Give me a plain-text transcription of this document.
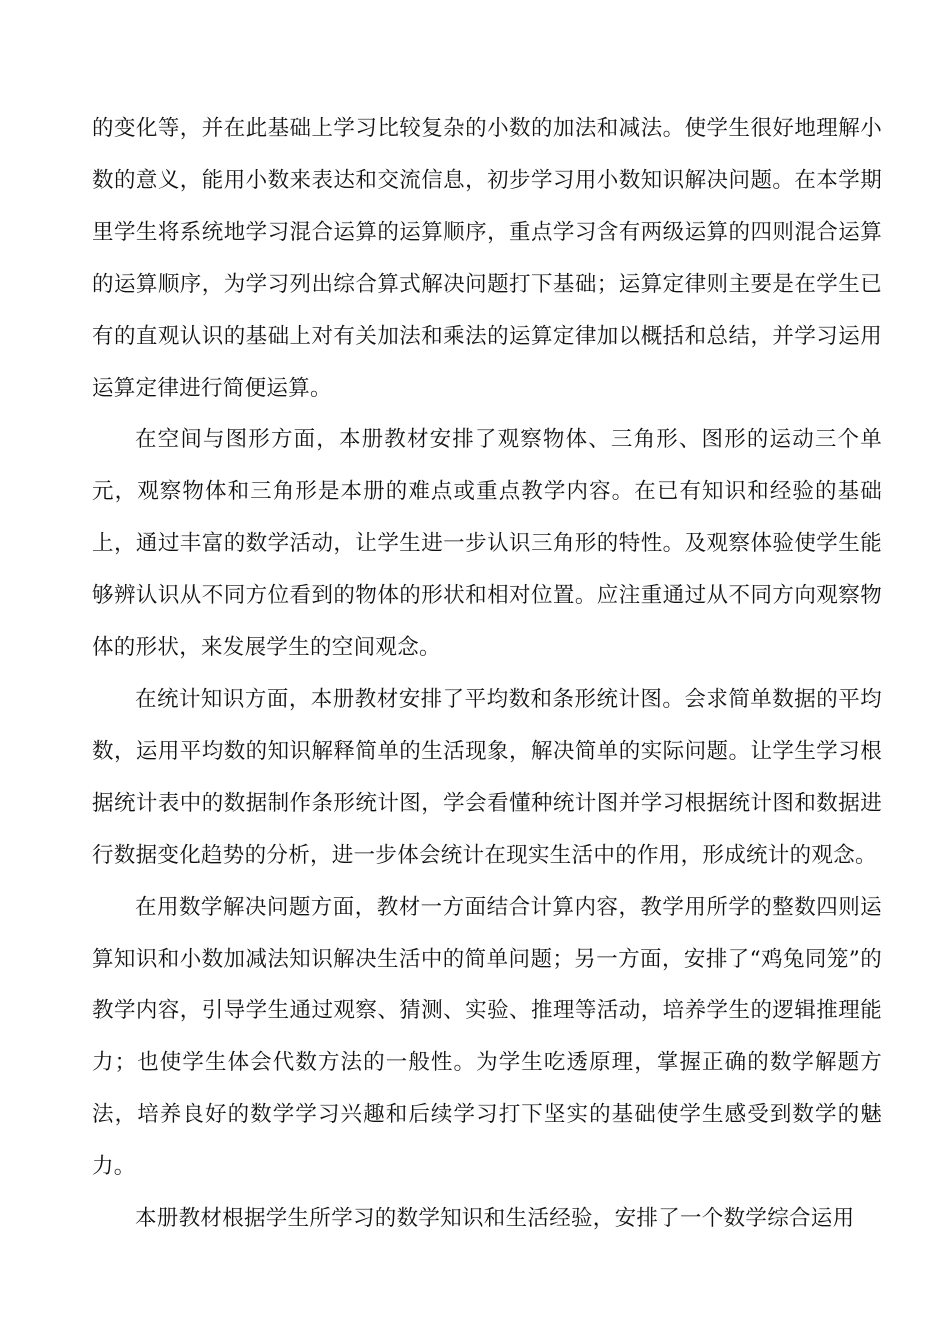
的变化等，并在此基础上学习比较复杂的小数的加法和减法。使学生很好地理解小数的意义，能用小数来表达和交流信息，初步学习用小数知识解决问题。在本学期里学生将系统地学习混合运算的运算顺序，重点学习含有两级运算的四则混合运算的运算顺序，为学习列出综合算式解决问题打下基础；运算定律则主要是在学生已有的直观认识的基础上对有关加法和乘法的运算定律加以概括和总结，并学习运用运算定律进行简便运算。

在空间与图形方面，本册教材安排了观察物体、三角形、图形的运动三个单元，观察物体和三角形是本册的难点或重点教学内容。在已有知识和经验的基础上，通过丰富的数学活动，让学生进一步认识三角形的特性。及观察体验使学生能够辨认识从不同方位看到的物体的形状和相对位置。应注重通过从不同方向观察物体的形状，来发展学生的空间观念。

在统计知识方面，本册教材安排了平均数和条形统计图。会求简单数据的平均数，运用平均数的知识解释简单的生活现象，解决简单的实际问题。让学生学习根据统计表中的数据制作条形统计图，学会看懂种统计图并学习根据统计图和数据进行数据变化趋势的分析，进一步体会统计在现实生活中的作用，形成统计的观念。

在用数学解决问题方面，教材一方面结合计算内容，教学用所学的整数四则运算知识和小数加减法知识解决生活中的简单问题；另一方面，安排了“鸡兔同笼”的教学内容，引导学生通过观察、猜测、实验、推理等活动，培养学生的逻辑推理能力；也使学生体会代数方法的一般性。为学生吃透原理，掌握正确的数学解题方法，培养良好的数学学习兴趣和后续学习打下坚实的基础使学生感受到数学的魅力。

本册教材根据学生所学习的数学知识和生活经验，安排了一个数学综合运用
